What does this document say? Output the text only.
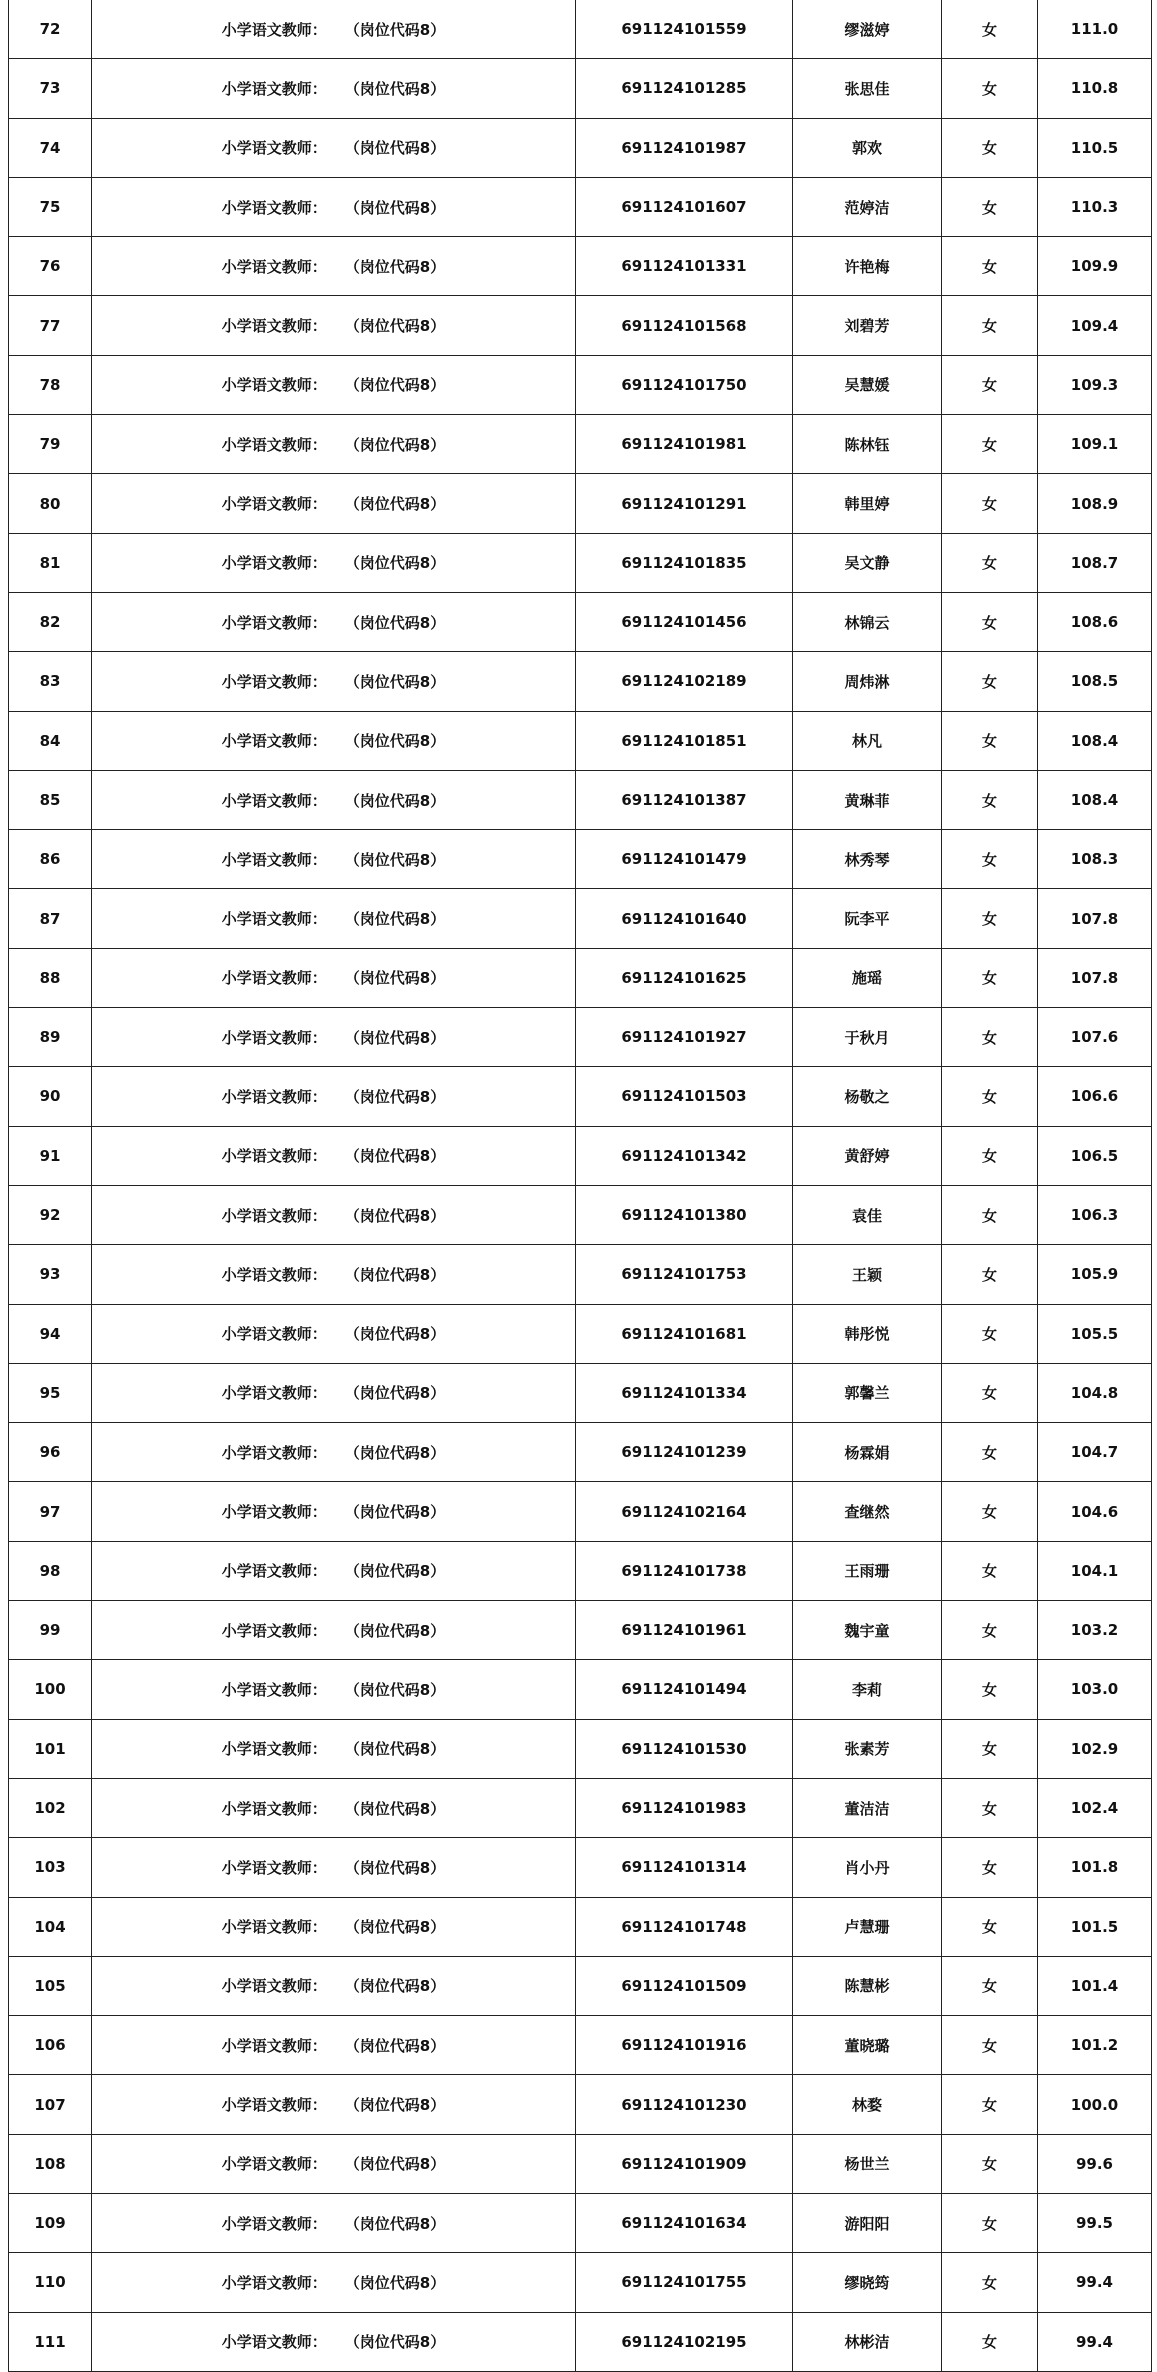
72	小学语文教师： （岗位代码8）	691124101559	缪滋婷	女	111.0
73	小学语文教师： （岗位代码8）	691124101285	张思佳	女	110.8
74	小学语文教师： （岗位代码8）	691124101987	郭欢	女	110.5
75	小学语文教师： （岗位代码8）	691124101607	范婷洁	女	110.3
76	小学语文教师： （岗位代码8）	691124101331	许艳梅	女	109.9
77	小学语文教师： （岗位代码8）	691124101568	刘碧芳	女	109.4
78	小学语文教师： （岗位代码8）	691124101750	吴慧媛	女	109.3
79	小学语文教师： （岗位代码8）	691124101981	陈林钰	女	109.1
80	小学语文教师： （岗位代码8）	691124101291	韩里婷	女	108.9
81	小学语文教师： （岗位代码8）	691124101835	吴文静	女	108.7
82	小学语文教师： （岗位代码8）	691124101456	林锦云	女	108.6
83	小学语文教师： （岗位代码8）	691124102189	周炜淋	女	108.5
84	小学语文教师： （岗位代码8）	691124101851	林凡	女	108.4
85	小学语文教师： （岗位代码8）	691124101387	黄琳菲	女	108.4
86	小学语文教师： （岗位代码8）	691124101479	林秀琴	女	108.3
87	小学语文教师： （岗位代码8）	691124101640	阮李平	女	107.8
88	小学语文教师： （岗位代码8）	691124101625	施瑶	女	107.8
89	小学语文教师： （岗位代码8）	691124101927	于秋月	女	107.6
90	小学语文教师： （岗位代码8）	691124101503	杨敬之	女	106.6
91	小学语文教师： （岗位代码8）	691124101342	黄舒婷	女	106.5
92	小学语文教师： （岗位代码8）	691124101380	袁佳	女	106.3
93	小学语文教师： （岗位代码8）	691124101753	王颖	女	105.9
94	小学语文教师： （岗位代码8）	691124101681	韩彤悦	女	105.5
95	小学语文教师： （岗位代码8）	691124101334	郭馨兰	女	104.8
96	小学语文教师： （岗位代码8）	691124101239	杨霖娟	女	104.7
97	小学语文教师： （岗位代码8）	691124102164	查继然	女	104.6
98	小学语文教师： （岗位代码8）	691124101738	王雨珊	女	104.1
99	小学语文教师： （岗位代码8）	691124101961	魏宇童	女	103.2
100	小学语文教师： （岗位代码8）	691124101494	李莉	女	103.0
101	小学语文教师： （岗位代码8）	691124101530	张素芳	女	102.9
102	小学语文教师： （岗位代码8）	691124101983	董洁洁	女	102.4
103	小学语文教师： （岗位代码8）	691124101314	肖小丹	女	101.8
104	小学语文教师： （岗位代码8）	691124101748	卢慧珊	女	101.5
105	小学语文教师： （岗位代码8）	691124101509	陈慧彬	女	101.4
106	小学语文教师： （岗位代码8）	691124101916	董晓璐	女	101.2
107	小学语文教师： （岗位代码8）	691124101230	林婺	女	100.0
108	小学语文教师： （岗位代码8）	691124101909	杨世兰	女	99.6
109	小学语文教师： （岗位代码8）	691124101634	游阳阳	女	99.5
110	小学语文教师： （岗位代码8）	691124101755	缪晓筠	女	99.4
111	小学语文教师： （岗位代码8）	691124102195	林彬洁	女	99.4
